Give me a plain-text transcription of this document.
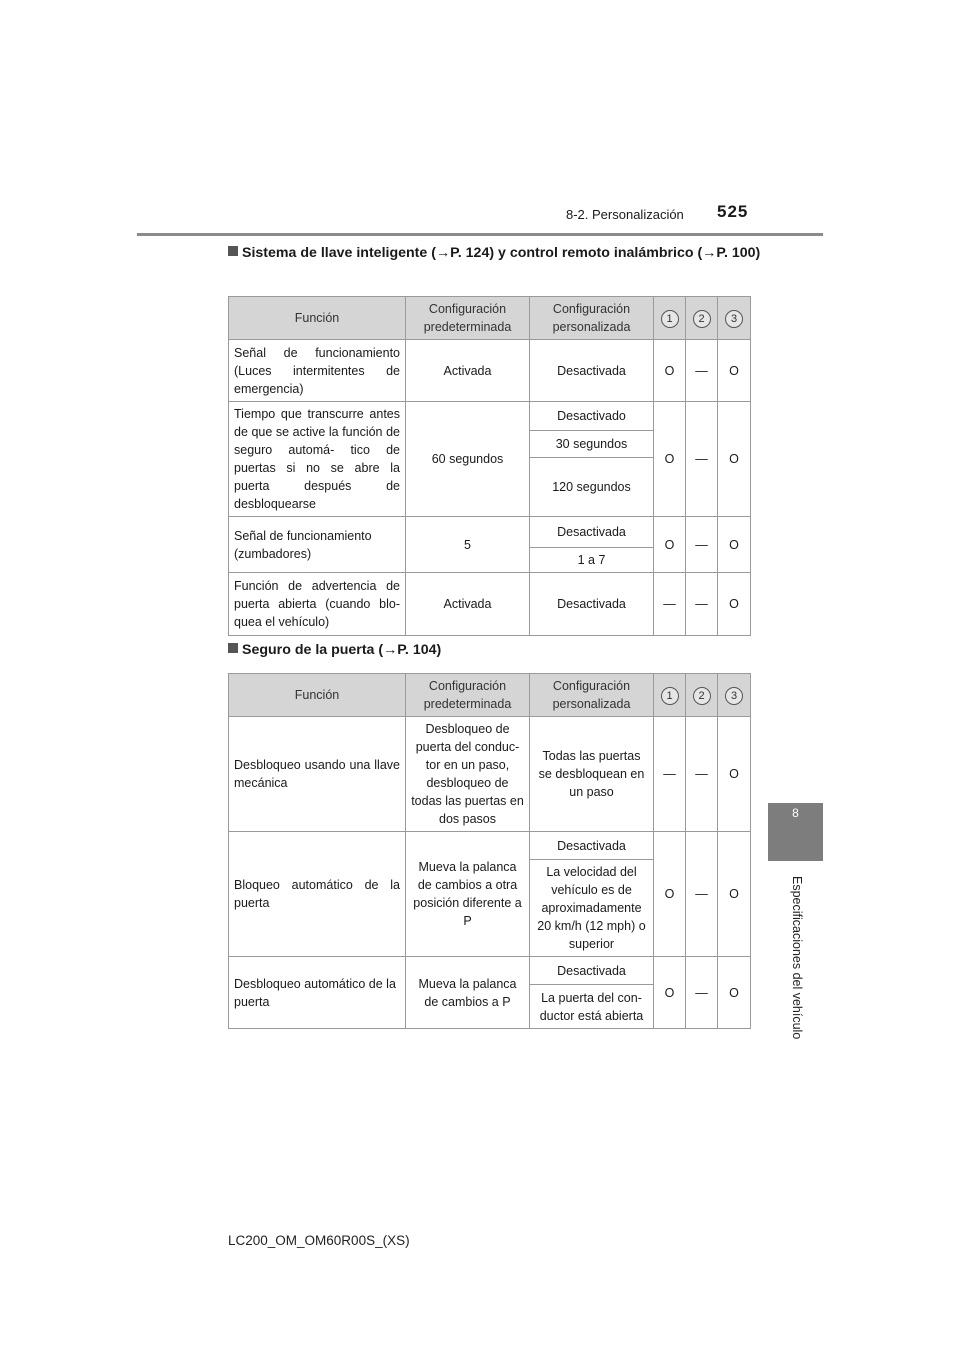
8-2. Personalización 525
8
Especificaciones del vehículo
Sistema de llave inteligente (→P. 124) y control remoto inalámbrico (→P. 100)
Función	Configuración predeterminada	Configuración personalizada	1	2	3
Señal de funcionamiento (Luces intermitentes de emergencia)	Activada	Desactivada	O	—	O
Tiempo que transcurre antes de que se active la función de seguro automá- tico de puertas si no se abre la puerta después de desbloquearse	60 segundos	Desactivado	O	—	O
		30 segundos			
		120 segundos			
Señal de funcionamiento (zumbadores)	5	Desactivada	O	—	O
		1 a 7			
Función de advertencia de puerta abierta (cuando blo- quea el vehículo)	Activada	Desactivada	—	—	O
Seguro de la puerta (→P. 104)
Función	Configuración predeterminada	Configuración personalizada	1	2	3
Desbloqueo usando una llave mecánica	Desbloqueo de puerta del conduc- tor en un paso, desbloqueo de todas las puertas en dos pasos	Todas las puertas se desbloquean en un paso	—	—	O
Bloqueo automático de la puerta	Mueva la palanca de cambios a otra posición diferente a P	Desactivada	O	—	O
		La velocidad del vehículo es de aproximadamente 20 km/h (12 mph) o superior			
Desbloqueo automático de la puerta	Mueva la palanca de cambios a P	Desactivada	O	—	O
		La puerta del con- ductor está abierta			
LC200_OM_OM60R00S_(XS)
